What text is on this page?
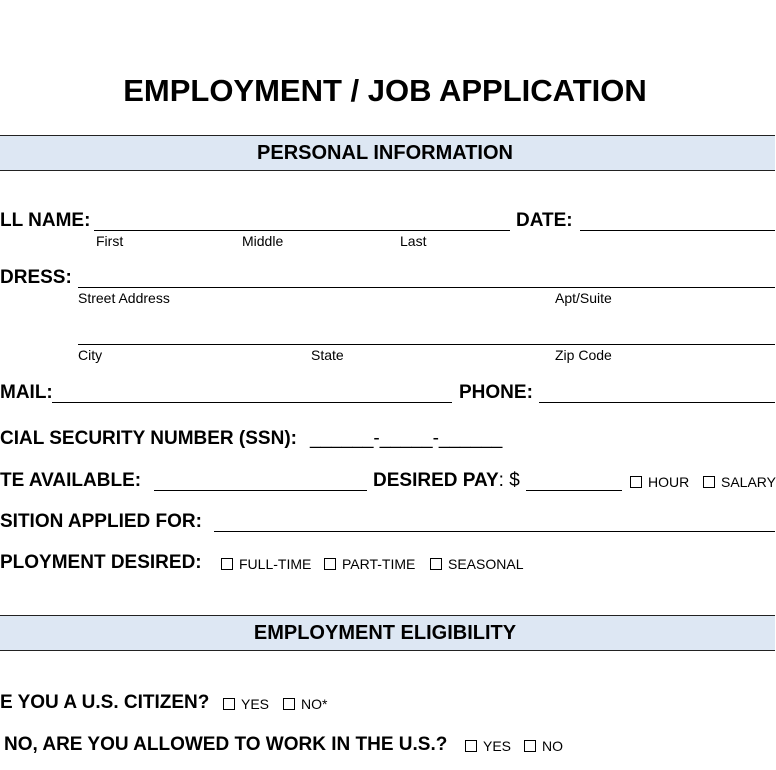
EMPLOYMENT / JOB APPLICATION
PERSONAL INFORMATION
LL NAME:
First	Middle	Last
DATE:
DRESS:
Street Address	Apt/Suite
City	State	Zip Code
MAIL:	PHONE:
CIAL SECURITY NUMBER (SSN): ______-_____-______
TE AVAILABLE:	DESIRED PAY: $	HOUR	SALARY
SITION APPLIED FOR:
PLOYMENT DESIRED:	FULL-TIME	PART-TIME	SEASONAL
EMPLOYMENT ELIGIBILITY
E YOU A U.S. CITIZEN?	YES	NO*
NO, ARE YOU ALLOWED TO WORK IN THE U.S.?	YES	NO
